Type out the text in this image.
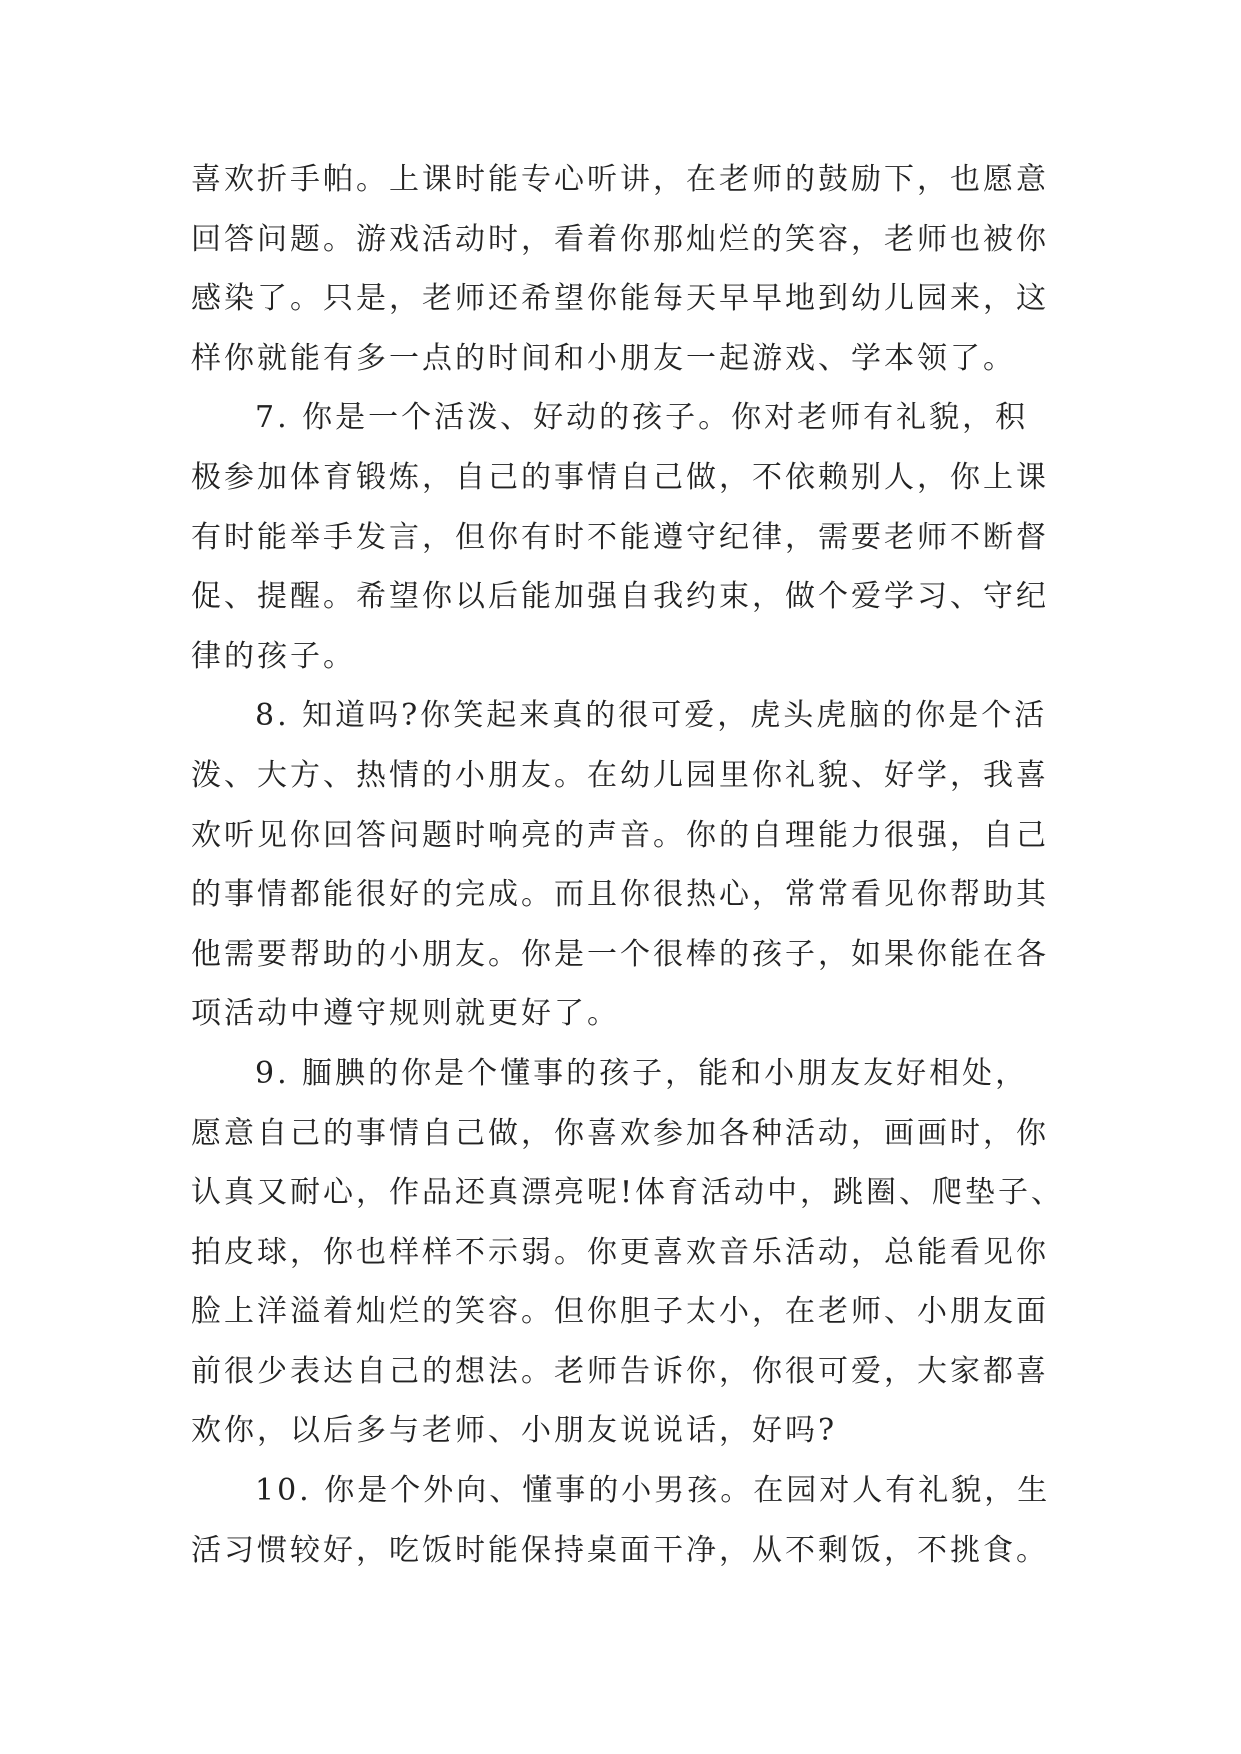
喜欢折手帕。上课时能专心听讲，在老师的鼓励下，也愿意
回答问题。游戏活动时，看着你那灿烂的笑容，老师也被你
感染了。只是，老师还希望你能每天早早地到幼儿园来，这
样你就能有多一点的时间和小朋友一起游戏、学本领了。
7. 你是一个活泼、好动的孩子。你对老师有礼貌，积
极参加体育锻炼，自己的事情自己做，不依赖别人，你上课
有时能举手发言，但你有时不能遵守纪律，需要老师不断督
促、提醒。希望你以后能加强自我约束，做个爱学习、守纪
律的孩子。
8. 知道吗?你笑起来真的很可爱，虎头虎脑的你是个活
泼、大方、热情的小朋友。在幼儿园里你礼貌、好学，我喜
欢听见你回答问题时响亮的声音。你的自理能力很强，自己
的事情都能很好的完成。而且你很热心，常常看见你帮助其
他需要帮助的小朋友。你是一个很棒的孩子，如果你能在各
项活动中遵守规则就更好了。
9. 腼腆的你是个懂事的孩子，能和小朋友友好相处，
愿意自己的事情自己做，你喜欢参加各种活动，画画时，你
认真又耐心，作品还真漂亮呢!体育活动中，跳圈、爬垫子、
拍皮球，你也样样不示弱。你更喜欢音乐活动，总能看见你
脸上洋溢着灿烂的笑容。但你胆子太小，在老师、小朋友面
前很少表达自己的想法。老师告诉你，你很可爱，大家都喜
欢你，以后多与老师、小朋友说说话，好吗?
10. 你是个外向、懂事的小男孩。在园对人有礼貌，生
活习惯较好，吃饭时能保持桌面干净，从不剩饭，不挑食。
